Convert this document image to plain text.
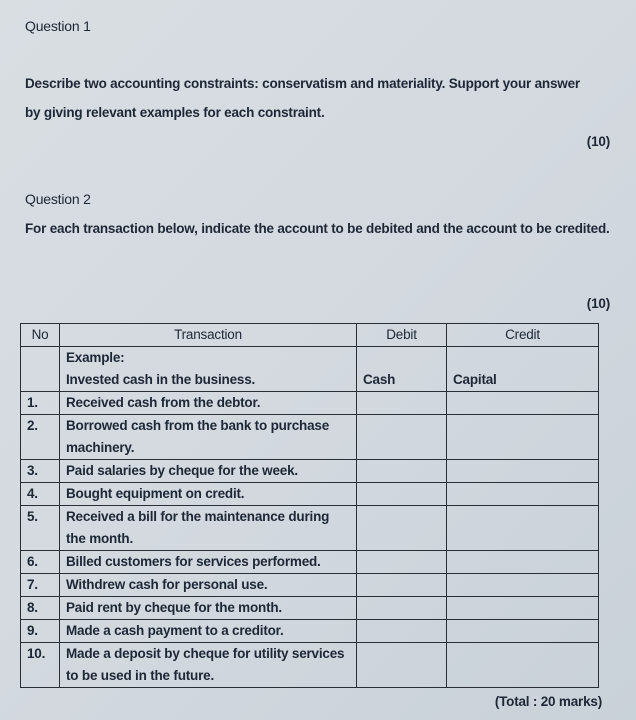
Question 1
Describe two accounting constraints: conservatism and materiality. Support your answer
by giving relevant examples for each constraint.
(10)
Question 2
For each transaction below, indicate the account to be debited and the account to be credited.
(10)
No	Transaction	Debit	Credit

	Example:
Invested cash in the business.	Cash	Capital
1.	Received cash from the debtor.		

2.	Borrowed cash from the bank to purchase
machinery.		

3.	Paid salaries by cheque for the week.		

4.	Bought equipment on credit.		

5.	Received a bill for the maintenance during
the month.		

6.	Billed customers for services performed.		

7.	Withdrew cash for personal use.		

8.	Paid rent by cheque for the month.		

9.	Made a cash payment to a creditor.		

10.	Made a deposit by cheque for utility services
to be used in the future.		

(Total : 20 marks)
